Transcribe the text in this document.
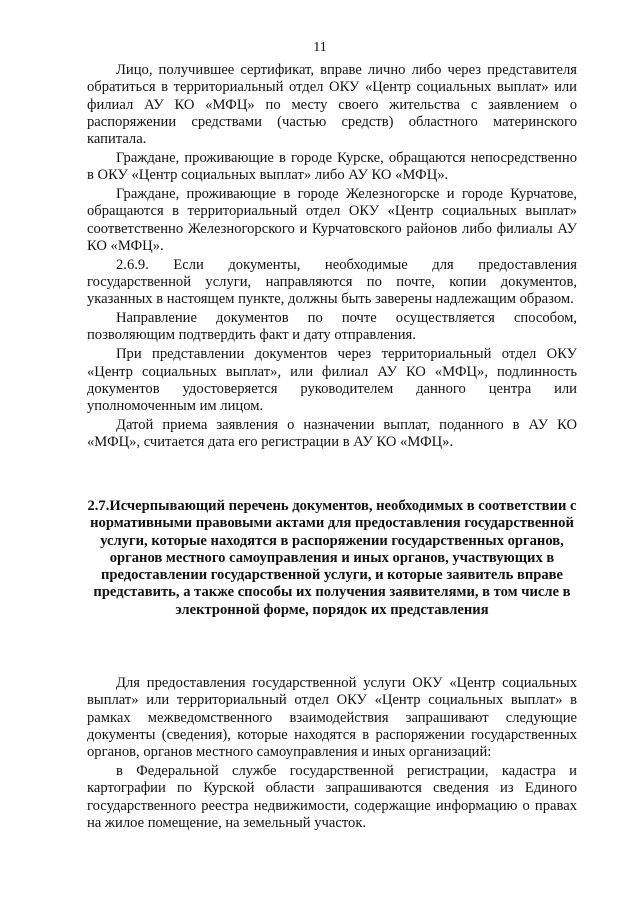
11

Лицо, получившее сертификат, вправе лично либо через представителя обратиться в территориальный отдел ОКУ «Центр социальных выплат» или филиал АУ КО «МФЦ» по месту своего жительства с заявлением о распоряжении средствами (частью средств) областного материнского капитала.

Граждане, проживающие в городе Курске, обращаются непосредственно в ОКУ «Центр социальных выплат» либо АУ КО «МФЦ».

Граждане, проживающие в городе Железногорске и городе Курчатове, обращаются в территориальный отдел ОКУ «Центр социальных выплат» соответственно Железногорского и Курчатовского районов либо филиалы АУ КО «МФЦ».

2.6.9. Если документы, необходимые для предоставления государственной услуги, направляются по почте, копии документов, указанных в настоящем пункте, должны быть заверены надлежащим образом.

Направление документов по почте осуществляется способом, позволяющим подтвердить факт и дату отправления.

При представлении документов через территориальный отдел ОКУ «Центр социальных выплат», или филиал АУ КО «МФЦ», подлинность документов удостоверяется руководителем данного центра или уполномоченным им лицом.

Датой приема заявления о назначении выплат, поданного в АУ КО «МФЦ», считается дата его регистрации в АУ КО «МФЦ».

2.7.Исчерпывающий перечень документов, необходимых в соответствии с нормативными правовыми актами для предоставления государственной услуги, которые находятся в распоряжении государственных органов, органов местного самоуправления и иных органов, участвующих в предоставлении государственной услуги, и которые заявитель вправе представить, а также способы их получения заявителями, в том числе в электронной форме, порядок их представления

Для предоставления государственной услуги ОКУ «Центр социальных выплат» или территориальный отдел ОКУ «Центр социальных выплат» в рамках межведомственного взаимодействия запрашивают следующие документы (сведения), которые находятся в распоряжении государственных органов, органов местного самоуправления и иных организаций:

в Федеральной службе государственной регистрации, кадастра и картографии по Курской области запрашиваются сведения из Единого государственного реестра недвижимости, содержащие информацию о правах на жилое помещение, на земельный участок.
